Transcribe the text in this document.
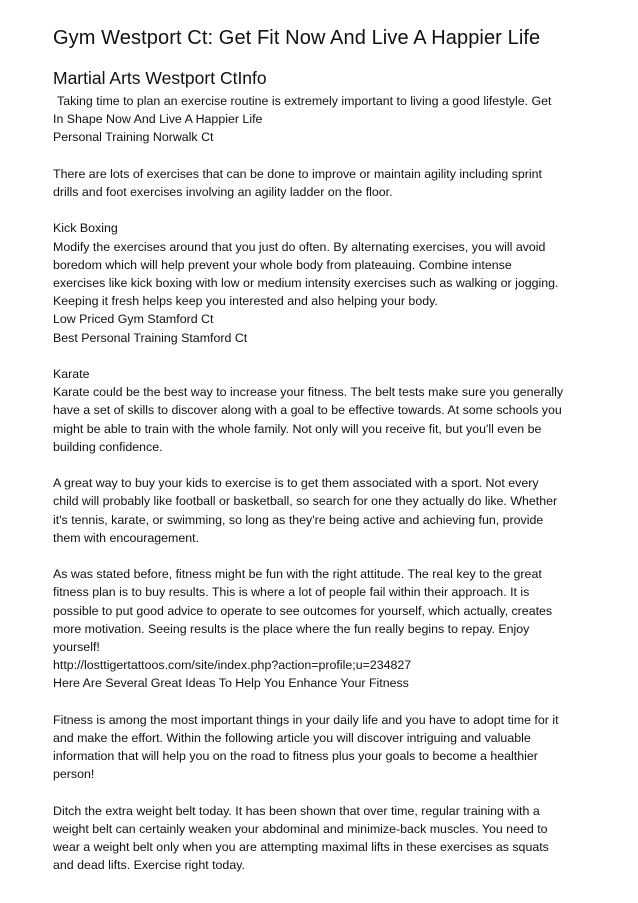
Gym Westport Ct: Get Fit Now And Live A Happier Life
Martial Arts Westport CtInfo
Taking time to plan an exercise routine is extremely important to living a good lifestyle. Get
In Shape Now And Live A Happier Life
Personal Training Norwalk Ct
There are lots of exercises that can be done to improve or maintain agility including sprint
drills and foot exercises involving an agility ladder on the floor.
Kick Boxing
Modify the exercises around that you just do often. By alternating exercises, you will avoid
boredom which will help prevent your whole body from plateauing. Combine intense
exercises like kick boxing with low or medium intensity exercises such as walking or jogging.
Keeping it fresh helps keep you interested and also helping your body.
Low Priced Gym Stamford Ct
Best Personal Training Stamford Ct
Karate
Karate could be the best way to increase your fitness. The belt tests make sure you generally
have a set of skills to discover along with a goal to be effective towards. At some schools you
might be able to train with the whole family. Not only will you receive fit, but you'll even be
building confidence.
A great way to buy your kids to exercise is to get them associated with a sport. Not every
child will probably like football or basketball, so search for one they actually do like. Whether
it's tennis, karate, or swimming, so long as they're being active and achieving fun, provide
them with encouragement.
As was stated before, fitness might be fun with the right attitude. The real key to the great
fitness plan is to buy results. This is where a lot of people fail within their approach. It is
possible to put good advice to operate to see outcomes for yourself, which actually, creates
more motivation. Seeing results is the place where the fun really begins to repay. Enjoy
yourself!
http://losttigertattoos.com/site/index.php?action=profile;u=234827
Here Are Several Great Ideas To Help You Enhance Your Fitness
Fitness is among the most important things in your daily life and you have to adopt time for it
and make the effort. Within the following article you will discover intriguing and valuable
information that will help you on the road to fitness plus your goals to become a healthier
person!
Ditch the extra weight belt today. It has been shown that over time, regular training with a
weight belt can certainly weaken your abdominal and minimize-back muscles. You need to
wear a weight belt only when you are attempting maximal lifts in these exercises as squats
and dead lifts. Exercise right today.
